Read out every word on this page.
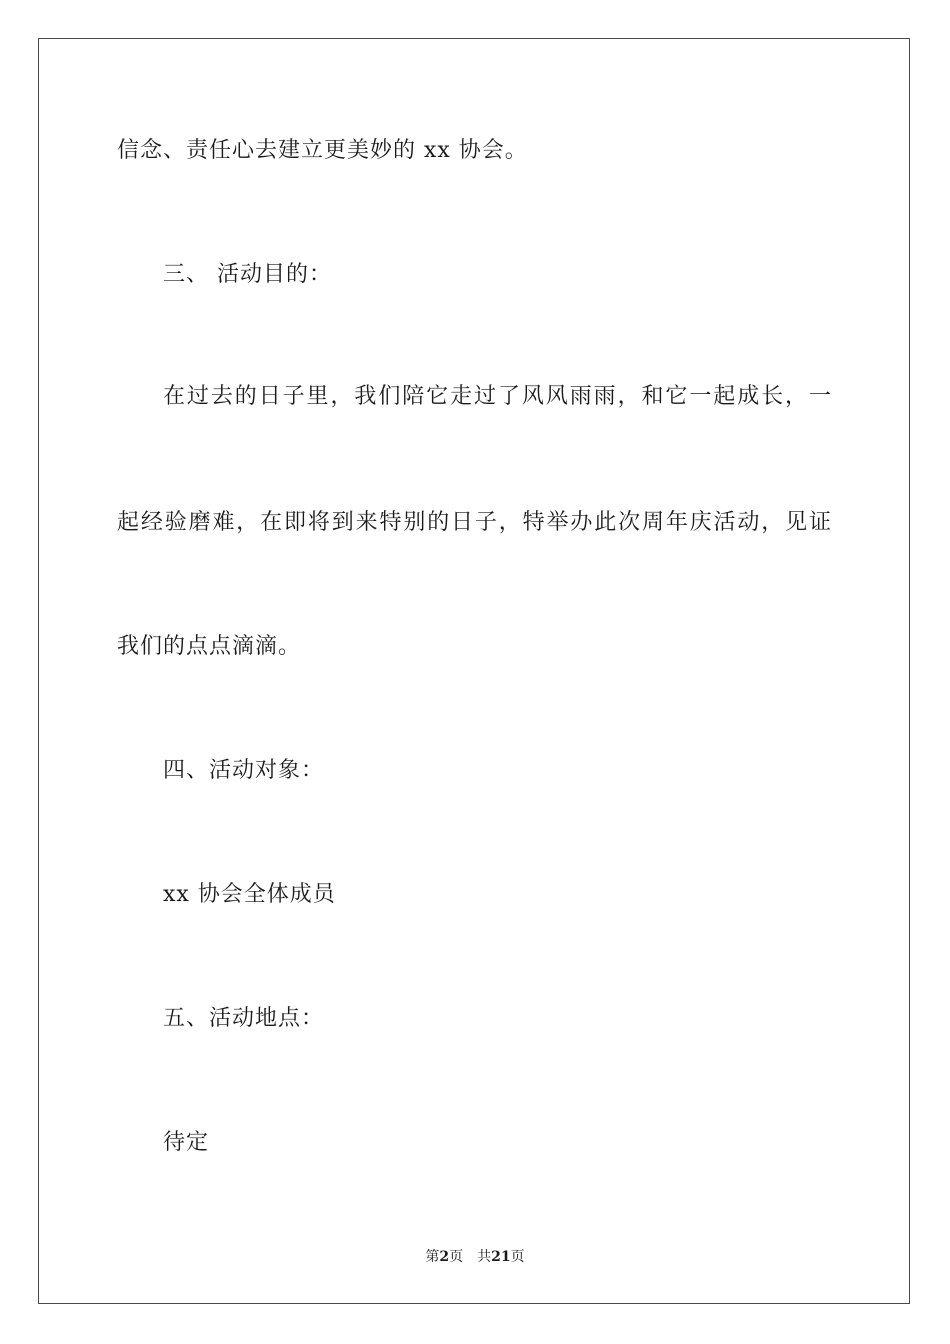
信念、责任心去建立更美妙的 xx 协会。
三、 活动目的：
在过去的日子里，我们陪它走过了风风雨雨，和它一起成长，一
起经验磨难，在即将到来特别的日子，特举办此次周年庆活动，见证
我们的点点滴滴。
四、活动对象：
xx 协会全体成员
五、活动地点：
待定
第2页 共21页
